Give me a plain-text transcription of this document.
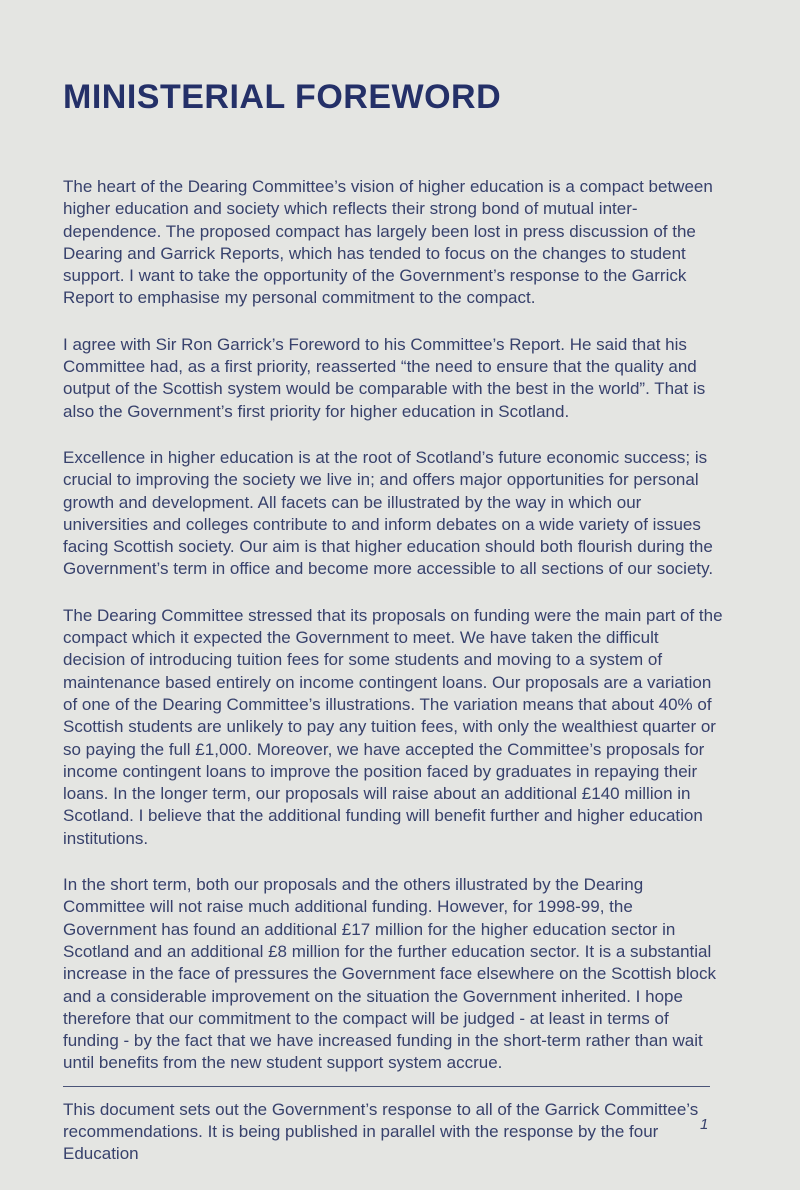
MINISTERIAL FOREWORD

The heart of the Dearing Committee’s vision of higher education is a compact between higher education and society which reflects their strong bond of mutual inter-dependence. The proposed compact has largely been lost in press discussion of the Dearing and Garrick Reports, which has tended to focus on the changes to student support. I want to take the opportunity of the Government’s response to the Garrick Report to emphasise my personal commitment to the compact.

I agree with Sir Ron Garrick’s Foreword to his Committee’s Report. He said that his Committee had, as a first priority, reasserted “the need to ensure that the quality and output of the Scottish system would be comparable with the best in the world”. That is also the Government’s first priority for higher education in Scotland.

Excellence in higher education is at the root of Scotland’s future economic success; is crucial to improving the society we live in; and offers major opportunities for personal growth and development. All facets can be illustrated by the way in which our universities and colleges contribute to and inform debates on a wide variety of issues facing Scottish society. Our aim is that higher education should both flourish during the Government’s term in office and become more accessible to all sections of our society.

The Dearing Committee stressed that its proposals on funding were the main part of the compact which it expected the Government to meet. We have taken the difficult decision of introducing tuition fees for some students and moving to a system of maintenance based entirely on income contingent loans. Our proposals are a variation of one of the Dearing Committee’s illustrations. The variation means that about 40% of Scottish students are unlikely to pay any tuition fees, with only the wealthiest quarter or so paying the full £1,000. Moreover, we have accepted the Committee’s proposals for income contingent loans to improve the position faced by graduates in repaying their loans. In the longer term, our proposals will raise about an additional £140 million in Scotland. I believe that the additional funding will benefit further and higher education institutions.

In the short term, both our proposals and the others illustrated by the Dearing Committee will not raise much additional funding. However, for 1998-99, the Government has found an additional £17 million for the higher education sector in Scotland and an additional £8 million for the further education sector. It is a substantial increase in the face of pressures the Government face elsewhere on the Scottish block and a considerable improvement on the situation the Government inherited. I hope therefore that our commitment to the compact will be judged - at least in terms of funding - by the fact that we have increased funding in the short-term rather than wait until benefits from the new student support system accrue.

This document sets out the Government’s response to all of the Garrick Committee’s recommendations. It is being published in parallel with the response by the four Education

1
